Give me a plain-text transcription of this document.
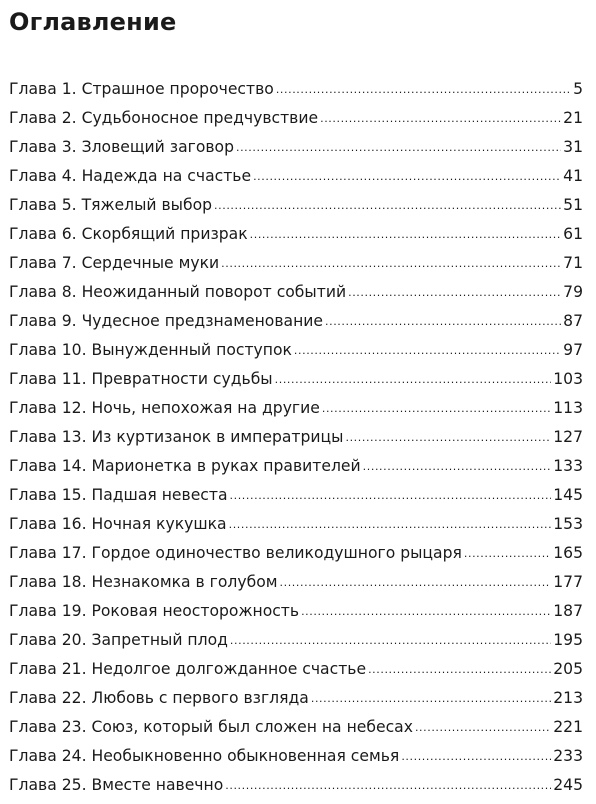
Оглавление
Глава 1. Страшное пророчество .....	5
Глава 2. Судьбоносное предчувствие .....	21
Глава 3. Зловещий заговор .....	31
Глава 4. Надежда на счастье .....	41
Глава 5. Тяжелый выбор .....	51
Глава 6. Скорбящий призрак .....	61
Глава 7. Сердечные муки .....	71
Глава 8. Неожиданный поворот событий .....	79
Глава 9. Чудесное предзнаменование .....	87
Глава 10. Вынужденный поступок .....	97
Глава 11. Превратности судьбы .....	103
Глава 12. Ночь, непохожая на другие .....	113
Глава 13. Из куртизанок в императрицы .....	127
Глава 14. Марионетка в руках правителей .....	133
Глава 15. Падшая невеста .....	145
Глава 16. Ночная кукушка .....	153
Глава 17. Гордое одиночество великодушного рыцаря .....	165
Глава 18. Незнакомка в голубом .....	177
Глава 19. Роковая неосторожность .....	187
Глава 20. Запретный плод .....	195
Глава 21. Недолгое долгожданное счастье .....	205
Глава 22. Любовь с первого взгляда .....	213
Глава 23. Союз, который был сложен на небесах .....	221
Глава 24. Необыкновенно обыкновенная семья .....	233
Глава 25. Вместе навечно .....	245
